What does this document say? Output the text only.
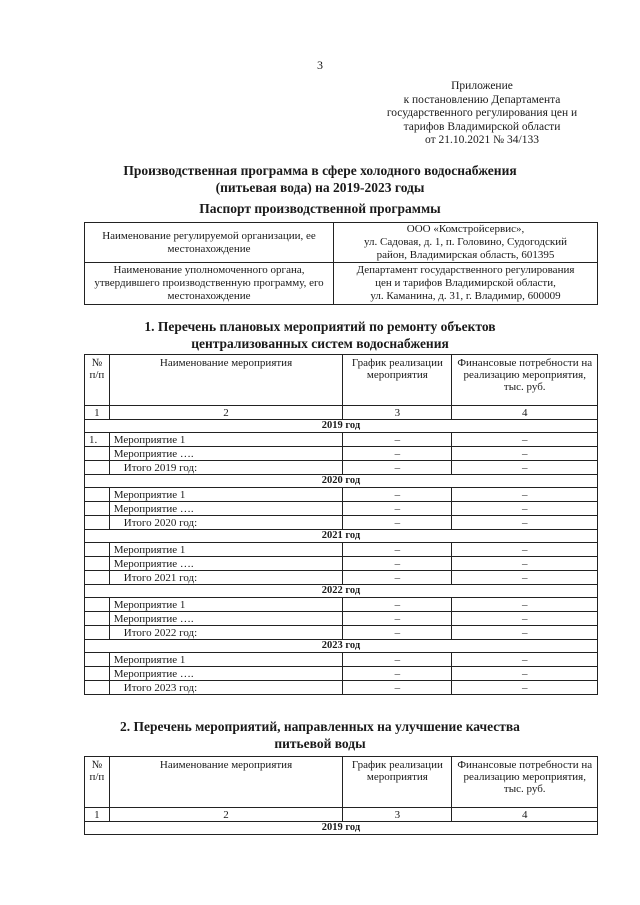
3
Приложение
к постановлению Департамента
государственного регулирования цен и
тарифов Владимирской области
от 21.10.2021 № 34/133
Производственная программа в сфере холодного водоснабжения
(питьевая вода) на 2019-2023 годы
Паспорт производственной программы
Наименование регулируемой организации, ее местонахождение	ООО «Комстройсервис»,
ул. Садовая, д. 1, п. Головино, Судогодский
район, Владимирская область, 601395

Наименование уполномоченного органа, утвердившего производственную программу, его местонахождение	Департамент государственного регулирования
цен и тарифов Владимирской области,
ул. Каманина, д. 31, г. Владимир, 600009
1. Перечень плановых мероприятий по ремонту объектов
централизованных систем водоснабжения
№ п/п	Наименование мероприятия	График реализации мероприятия	Финансовые потребности на реализацию мероприятия, тыс. руб.
1	2	3	4
2019 год			
1.	Мероприятие 1	–	–
	Мероприятие ….	–	–
	Итого 2019 год:	–	–
2020 год			
	Мероприятие 1	–	–
	Мероприятие ….	–	–
	Итого 2020 год:	–	–
2021 год			
	Мероприятие 1	–	–
	Мероприятие ….	–	–
	Итого 2021 год:	–	–
2022 год			
	Мероприятие 1	–	–
	Мероприятие ….	–	–
	Итого 2022 год:	–	–
2023 год			
	Мероприятие 1	–	–
	Мероприятие ….	–	–
	Итого 2023 год:	–	–
2. Перечень мероприятий, направленных на улучшение качества
питьевой воды
№ п/п	Наименование мероприятия	График реализации мероприятия	Финансовые потребности на реализацию мероприятия, тыс. руб.
1	2	3	4
2019 год			
